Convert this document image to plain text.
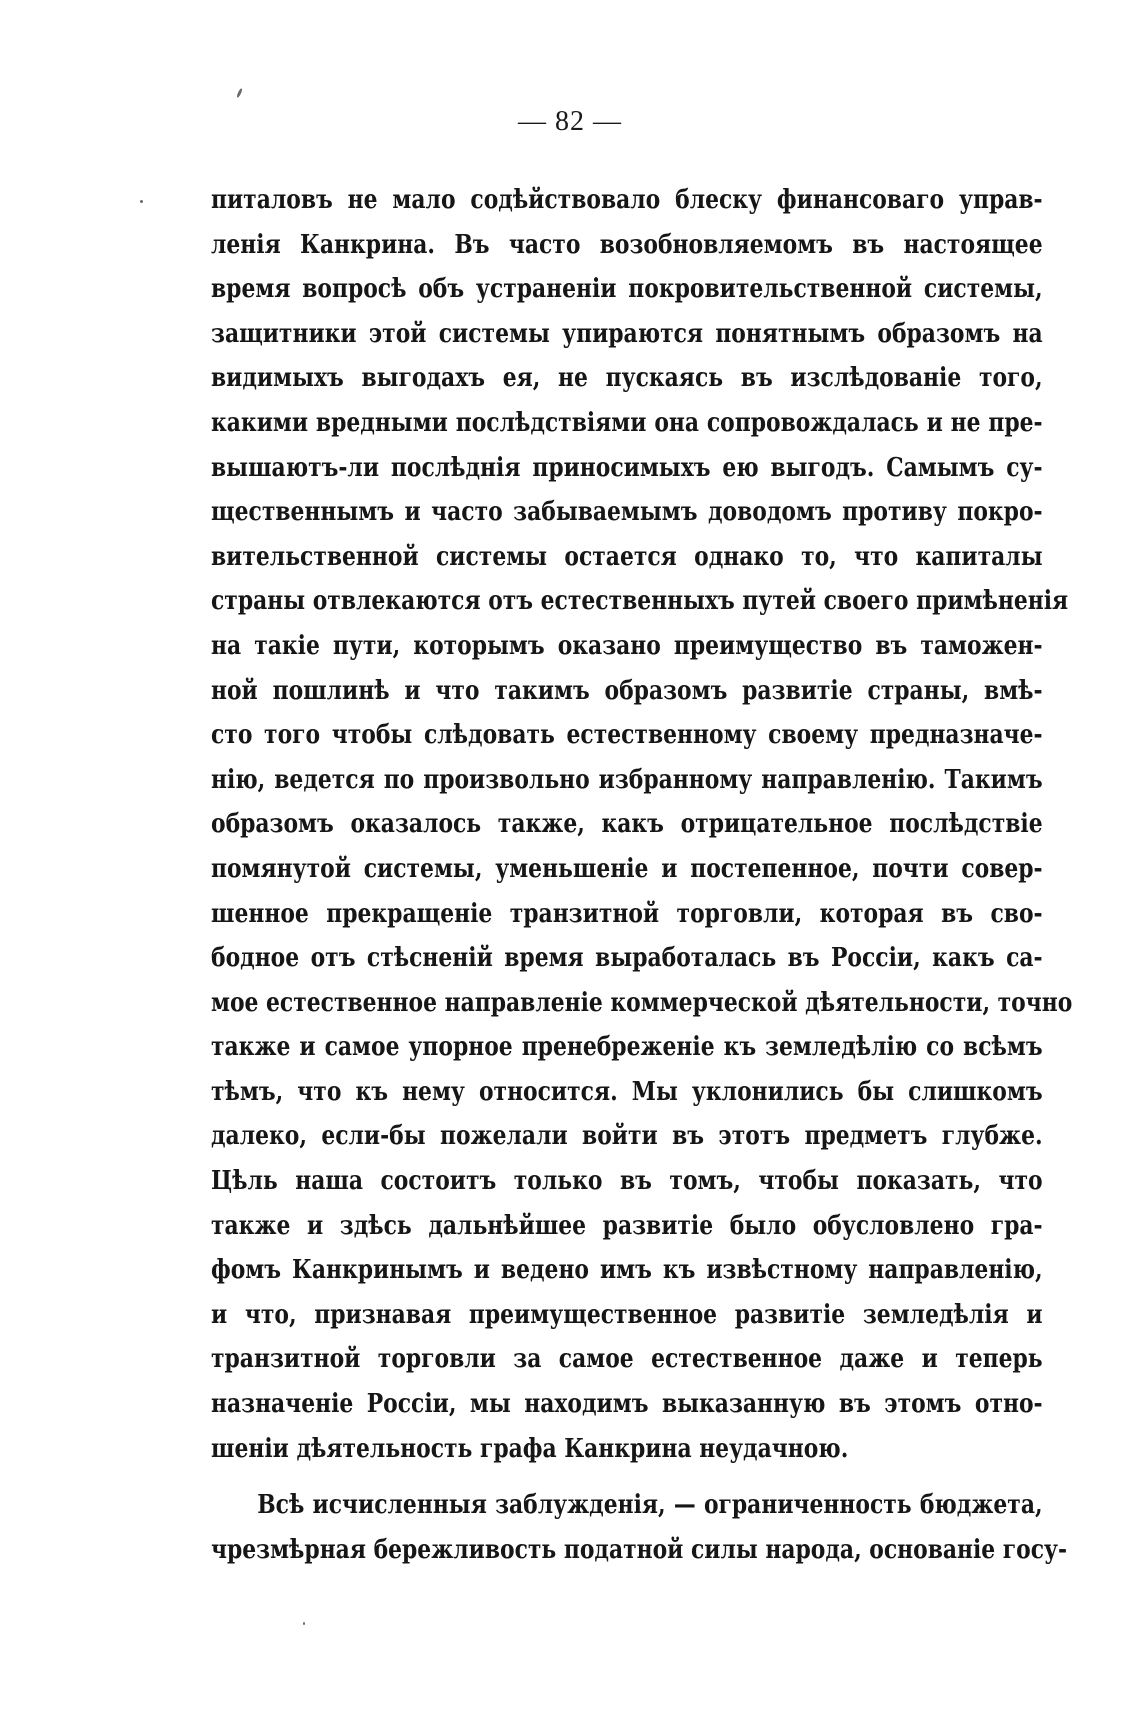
— 82 —
питаловъ не мало содѣйствовало блеску финансоваго управ-
ленія Канкрина. Въ часто возобновляемомъ въ настоящее
время вопросѣ объ устраненіи покровительственной системы,
защитники этой системы упираются понятнымъ образомъ на
видимыхъ выгодахъ ея, не пускаясь въ изслѣдованіе того,
какими вредными послѣдствіями она сопровождалась и не пре-
вышаютъ-ли послѣднія приносимыхъ ею выгодъ. Самымъ су-
щественнымъ и часто забываемымъ доводомъ противу покро-
вительственной системы остается однако то, что капиталы
страны отвлекаются отъ естественныхъ путей своего примѣненія
на такіе пути, которымъ оказано преимущество въ таможен-
ной пошлинѣ и что такимъ образомъ развитіе страны, вмѣ-
сто того чтобы слѣдовать естественному своему предназначе-
нію, ведется по произвольно избранному направленію. Такимъ
образомъ оказалось также, какъ отрицательное послѣдствіе
помянутой системы, уменьшеніе и постепенное, почти совер-
шенное прекращеніе транзитной торговли, которая въ сво-
бодное отъ стѣсненій время выработалась въ Россіи, какъ са-
мое естественное направленіе коммерческой дѣятельности, точно
также и самое упорное пренебреженіе къ земледѣлію со всѣмъ
тѣмъ, что къ нему относится. Мы уклонились бы слишкомъ
далеко, если-бы пожелали войти въ этотъ предметъ глубже.
Цѣль наша состоитъ только въ томъ, чтобы показать, что
также и здѣсь дальнѣйшее развитіе было обусловлено гра-
фомъ Канкринымъ и ведено имъ къ извѣстному направленію,
и что, признавая преимущественное развитіе земледѣлія и
транзитной торговли за самое естественное даже и теперь
назначеніе Россіи, мы находимъ выказанную въ этомъ отно-
шеніи дѣятельность графа Канкрина неудачною.
Всѣ исчисленныя заблужденія, — ограниченность бюджета,
чрезмѣрная бережливость податной силы народа, основаніе госу-
